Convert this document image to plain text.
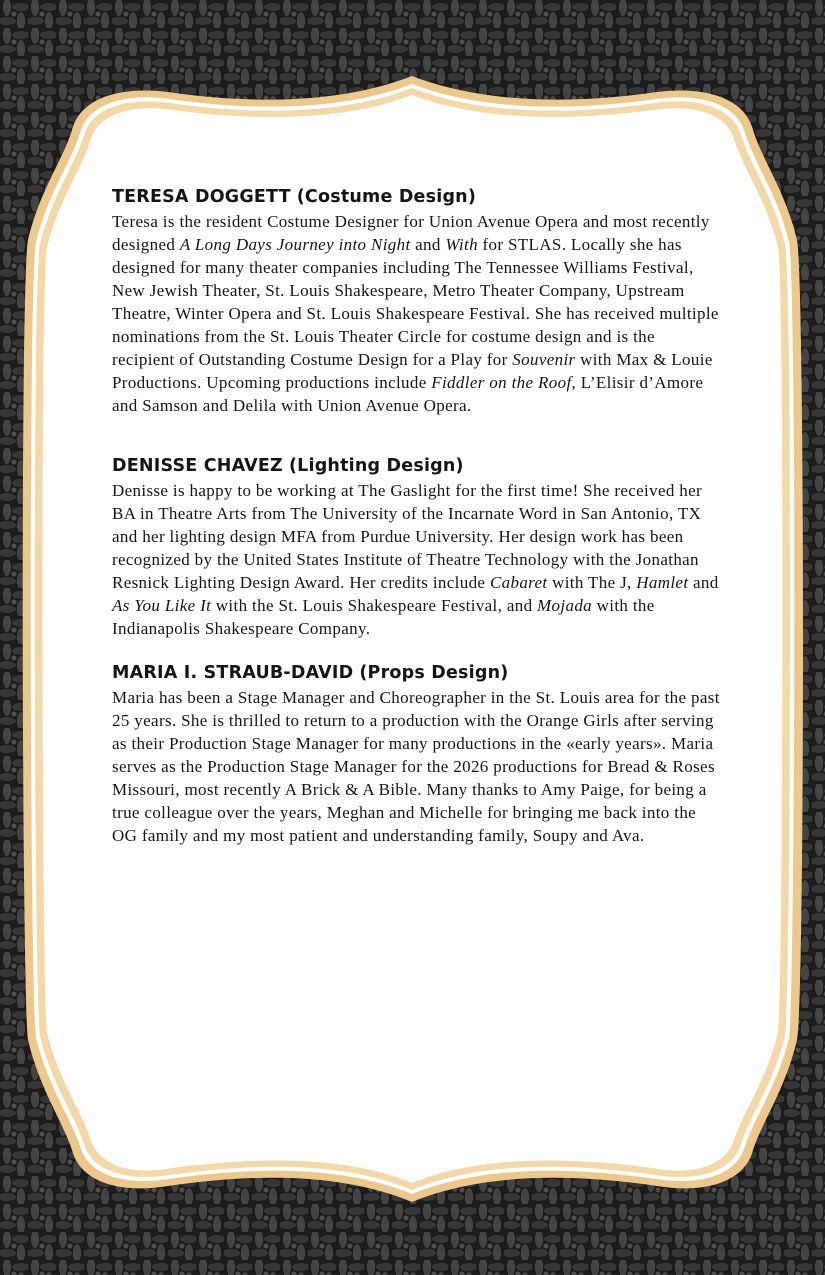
TERESA DOGGETT (Costume Design)

Teresa is the resident Costume Designer for Union Avenue Opera and most recently designed A Long Days Journey into Night and With for STLAS. Locally she has designed for many theater companies including The Tennessee Williams Festival, New Jewish Theater, St. Louis Shakespeare, Metro Theater Company, Upstream Theatre, Winter Opera and St. Louis Shakespeare Festival. She has received multiple nominations from the St. Louis Theater Circle for costume design and is the recipient of Outstanding Costume Design for a Play for Souvenir with Max & Louie Productions. Upcoming productions include Fiddler on the Roof, L’Elisir d’Amore and Samson and Delila with Union Avenue Opera.

DENISSE CHAVEZ (Lighting Design)

Denisse is happy to be working at The Gaslight for the first time! She received her BA in Theatre Arts from The University of the Incarnate Word in San Antonio, TX and her lighting design MFA from Purdue University. Her design work has been recognized by the United States Institute of Theatre Technology with the Jonathan Resnick Lighting Design Award. Her credits include Cabaret with The J, Hamlet and As You Like It with the St. Louis Shakespeare Festival, and Mojada with the Indianapolis Shakespeare Company.

MARIA I. STRAUB-DAVID (Props Design)

Maria has been a Stage Manager and Choreographer in the St. Louis area for the past 25 years. She is thrilled to return to a production with the Orange Girls after serving as their Production Stage Manager for many productions in the «early years». Maria serves as the Production Stage Manager for the 2026 productions for Bread & Roses Missouri, most recently A Brick & A Bible. Many thanks to Amy Paige, for being a true colleague over the years, Meghan and Michelle for bringing me back into the OG family and my most patient and understanding family, Soupy and Ava.
